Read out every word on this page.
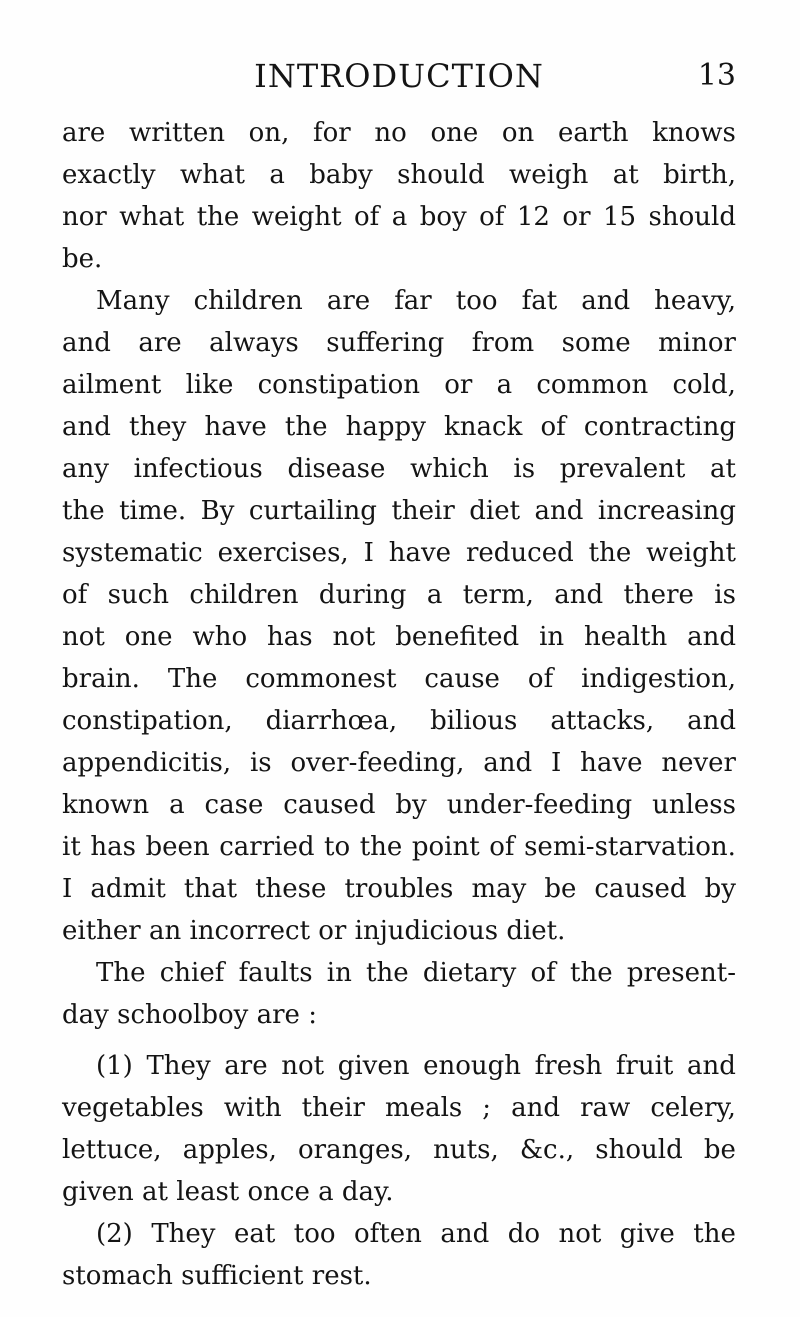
INTRODUCTION	13
are written on, for no one on earth knows
exactly what a baby should weigh at birth,
nor what the weight of a boy of 12 or 15 should
be.
Many children are far too fat and heavy,
and are always suffering from some minor
ailment like constipation or a common cold,
and they have the happy knack of contracting
any infectious disease which is prevalent at
the time. By curtailing their diet and increasing
systematic exercises, I have reduced the weight
of such children during a term, and there is
not one who has not benefited in health and
brain. The commonest cause of indigestion,
constipation, diarrhœa, bilious attacks, and
appendicitis, is over-feeding, and I have never
known a case caused by under-feeding unless
it has been carried to the point of semi-starvation.
I admit that these troubles may be caused by
either an incorrect or injudicious diet.
The chief faults in the dietary of the present-
day schoolboy are :
(1) They are not given enough fresh fruit and
vegetables with their meals ; and raw celery,
lettuce, apples, oranges, nuts, &c., should be
given at least once a day.
(2) They eat too often and do not give the
stomach sufficient rest.
